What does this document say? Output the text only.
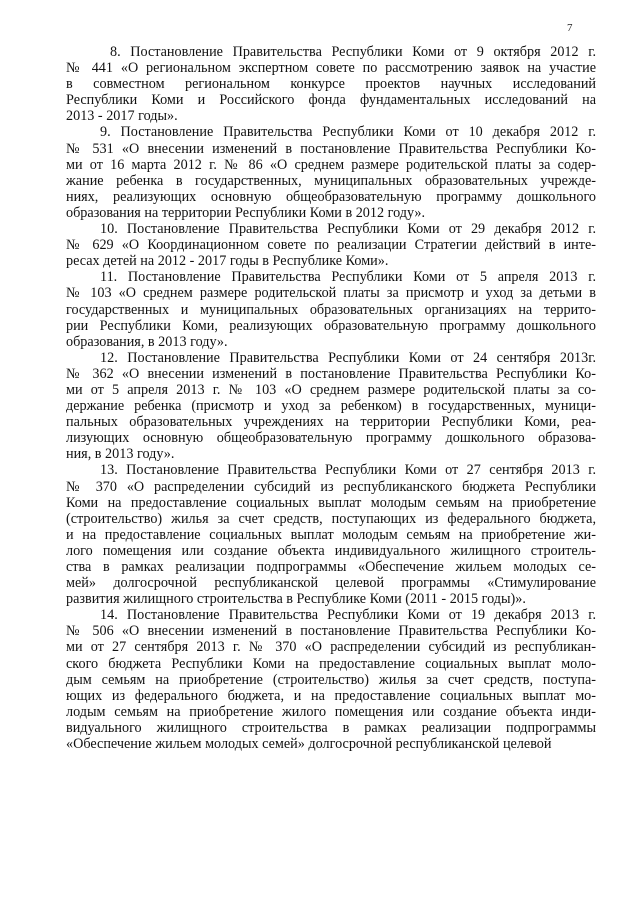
7
8. Постановление Правительства Республики Коми от 9 октября 2012 г.
№ 441 «О региональном экспертном совете по рассмотрению заявок на участие
в совместном региональном конкурсе проектов научных исследований
Республики Коми и Российского фонда фундаментальных исследований на
2013 - 2017 годы».
9. Постановление Правительства Республики Коми от 10 декабря 2012 г.
№ 531 «О внесении изменений в постановление Правительства Республики Ко-
ми от 16 марта 2012 г. № 86 «О среднем размере родительской платы за содер-
жание ребенка в государственных, муниципальных образовательных учрежде-
ниях, реализующих основную общеобразовательную программу дошкольного
образования на территории Республики Коми в 2012 году».
10. Постановление Правительства Республики Коми от 29 декабря 2012 г.
№ 629 «О Координационном совете по реализации Стратегии действий в инте-
ресах детей на 2012 - 2017 годы в Республике Коми».
11. Постановление Правительства Республики Коми от 5 апреля 2013 г.
№ 103 «О среднем размере родительской платы за присмотр и уход за детьми в
государственных и муниципальных образовательных организациях на террито-
рии Республики Коми, реализующих образовательную программу дошкольного
образования, в 2013 году».
12. Постановление Правительства Республики Коми от 24 сентября 2013г.
№ 362 «О внесении изменений в постановление Правительства Республики Ко-
ми от 5 апреля 2013 г. № 103 «О среднем размере родительской платы за со-
держание ребенка (присмотр и уход за ребенком) в государственных, муници-
пальных образовательных учреждениях на территории Республики Коми, реа-
лизующих основную общеобразовательную программу дошкольного образова-
ния, в 2013 году».
13. Постановление Правительства Республики Коми от 27 сентября 2013 г.
№ 370 «О распределении субсидий из республиканского бюджета Республики
Коми на предоставление социальных выплат молодым семьям на приобретение
(строительство) жилья за счет средств, поступающих из федерального бюджета,
и на предоставление социальных выплат молодым семьям на приобретение жи-
лого помещения или создание объекта индивидуального жилищного строитель-
ства в рамках реализации подпрограммы «Обеспечение жильем молодых се-
мей» долгосрочной республиканской целевой программы «Стимулирование
развития жилищного строительства в Республике Коми (2011 - 2015 годы)».
14. Постановление Правительства Республики Коми от 19 декабря 2013 г.
№ 506 «О внесении изменений в постановление Правительства Республики Ко-
ми от 27 сентября 2013 г. № 370 «О распределении субсидий из республикан-
ского бюджета Республики Коми на предоставление социальных выплат моло-
дым семьям на приобретение (строительство) жилья за счет средств, поступа-
ющих из федерального бюджета, и на предоставление социальных выплат мо-
лодым семьям на приобретение жилого помещения или создание объекта инди-
видуального жилищного строительства в рамках реализации подпрограммы
«Обеспечение жильем молодых семей» долгосрочной республиканской целевой
